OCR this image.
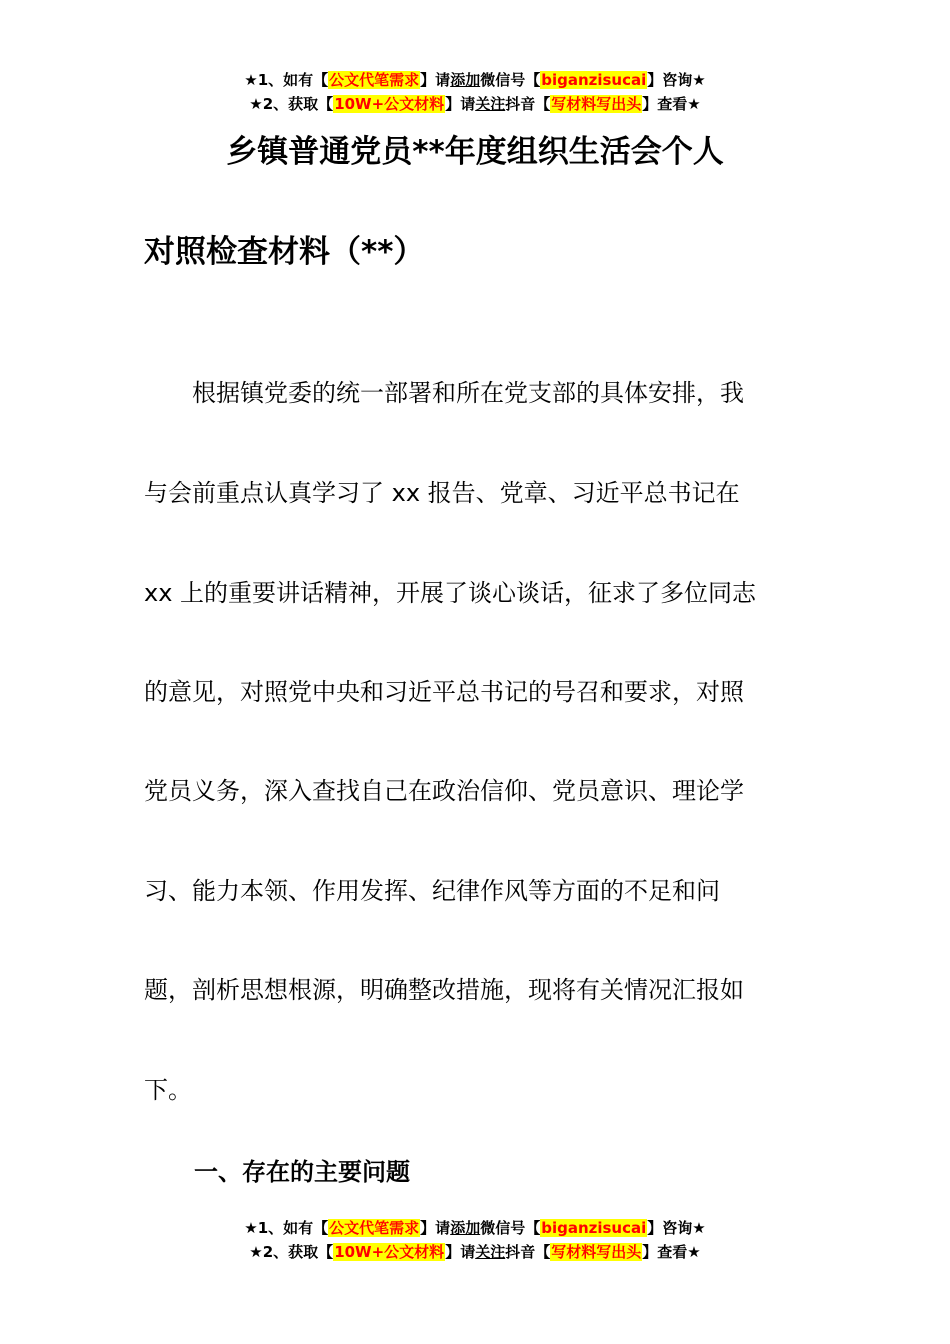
★1、如有【公文代笔需求】请添加微信号【biganzisucai】咨询★
★2、获取【10W+公文材料】请关注抖音【写材料写出头】查看★
乡镇普通党员**年度组织生活会个人
对照检查材料（**）
　　根据镇党委的统一部署和所在党支部的具体安排，我
与会前重点认真学习了 xx 报告、党章、习近平总书记在
xx 上的重要讲话精神，开展了谈心谈话，征求了多位同志
的意见，对照党中央和习近平总书记的号召和要求，对照
党员义务，深入查找自己在政治信仰、党员意识、理论学
习、能力本领、作用发挥、纪律作风等方面的不足和问
题，剖析思想根源，明确整改措施，现将有关情况汇报如
下。
一、存在的主要问题
★1、如有【公文代笔需求】请添加微信号【biganzisucai】咨询★
★2、获取【10W+公文材料】请关注抖音【写材料写出头】查看★
